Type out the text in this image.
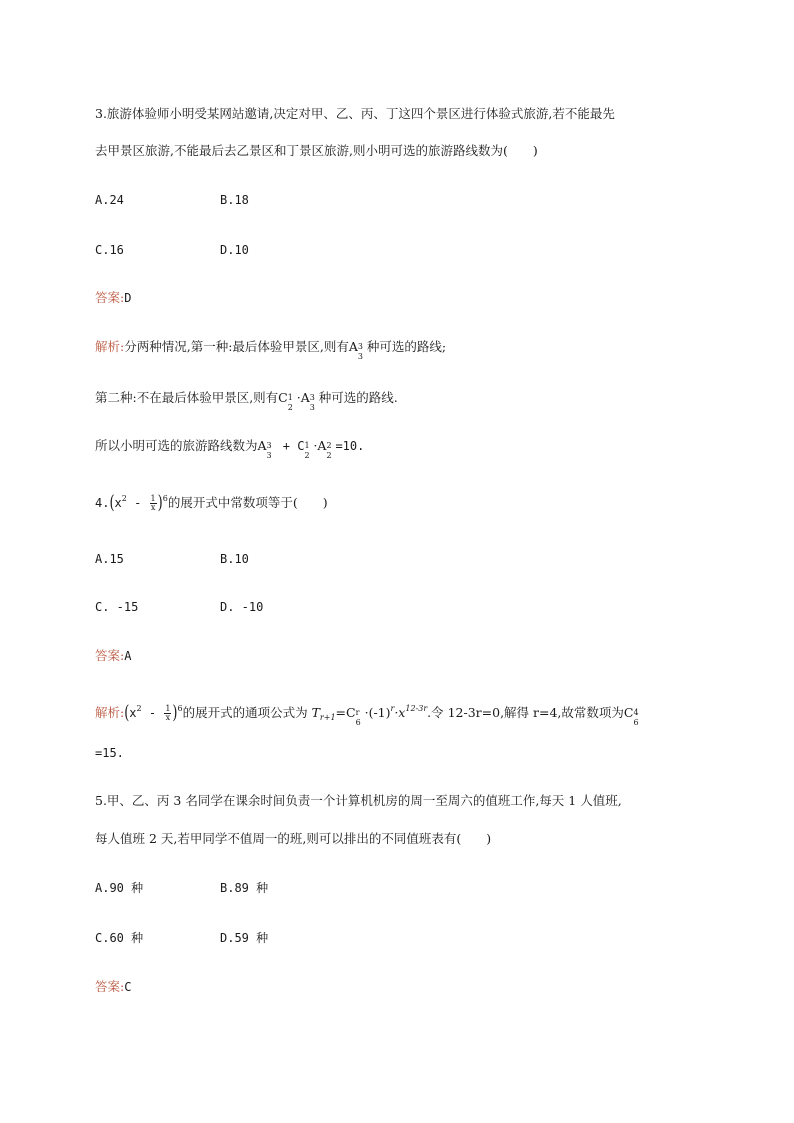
3.旅游体验师小明受某网站邀请,决定对甲、乙、丙、丁这四个景区进行体验式旅游,若不能最先
去甲景区旅游,不能最后去乙景区和丁景区旅游,则小明可选的旅游路线数为(　　)
A.24	B.18
C.16	D.10
答案:D
解析:分两种情况,第一种:最后体验甲景区,则有A 3
3
种可选的路线;
第二种:不在最后体验甲景区,则有C 1
2
·A 3
3
种可选的路线.
所以小明可选的旅游路线数为A 3
3
+ C 1
2
·A 2
2
=10.
$4.(x^2 - \frac{1}{x} )^6$的展开式中常数项等于(　　)
A.15	B.10
C. -15	D. -10
答案:A
解析$:(x^2 - \frac{1}{x} )^6$的展开式的通项公式为 $T_{r+1}=C$ r
6
$\cdot(-1)^r\cdot x^{12-3r}$.令 12-3r=0,解得 r=4,故常数项为C 4
6
=15.
5.甲、乙、丙 3 名同学在课余时间负责一个计算机机房的周一至周六的值班工作,每天 1 人值班,
每人值班 2 天,若甲同学不值周一的班,则可以排出的不同值班表有(　　)
A.90 种	B.89 种
C.60 种	D.59 种
答案:C
